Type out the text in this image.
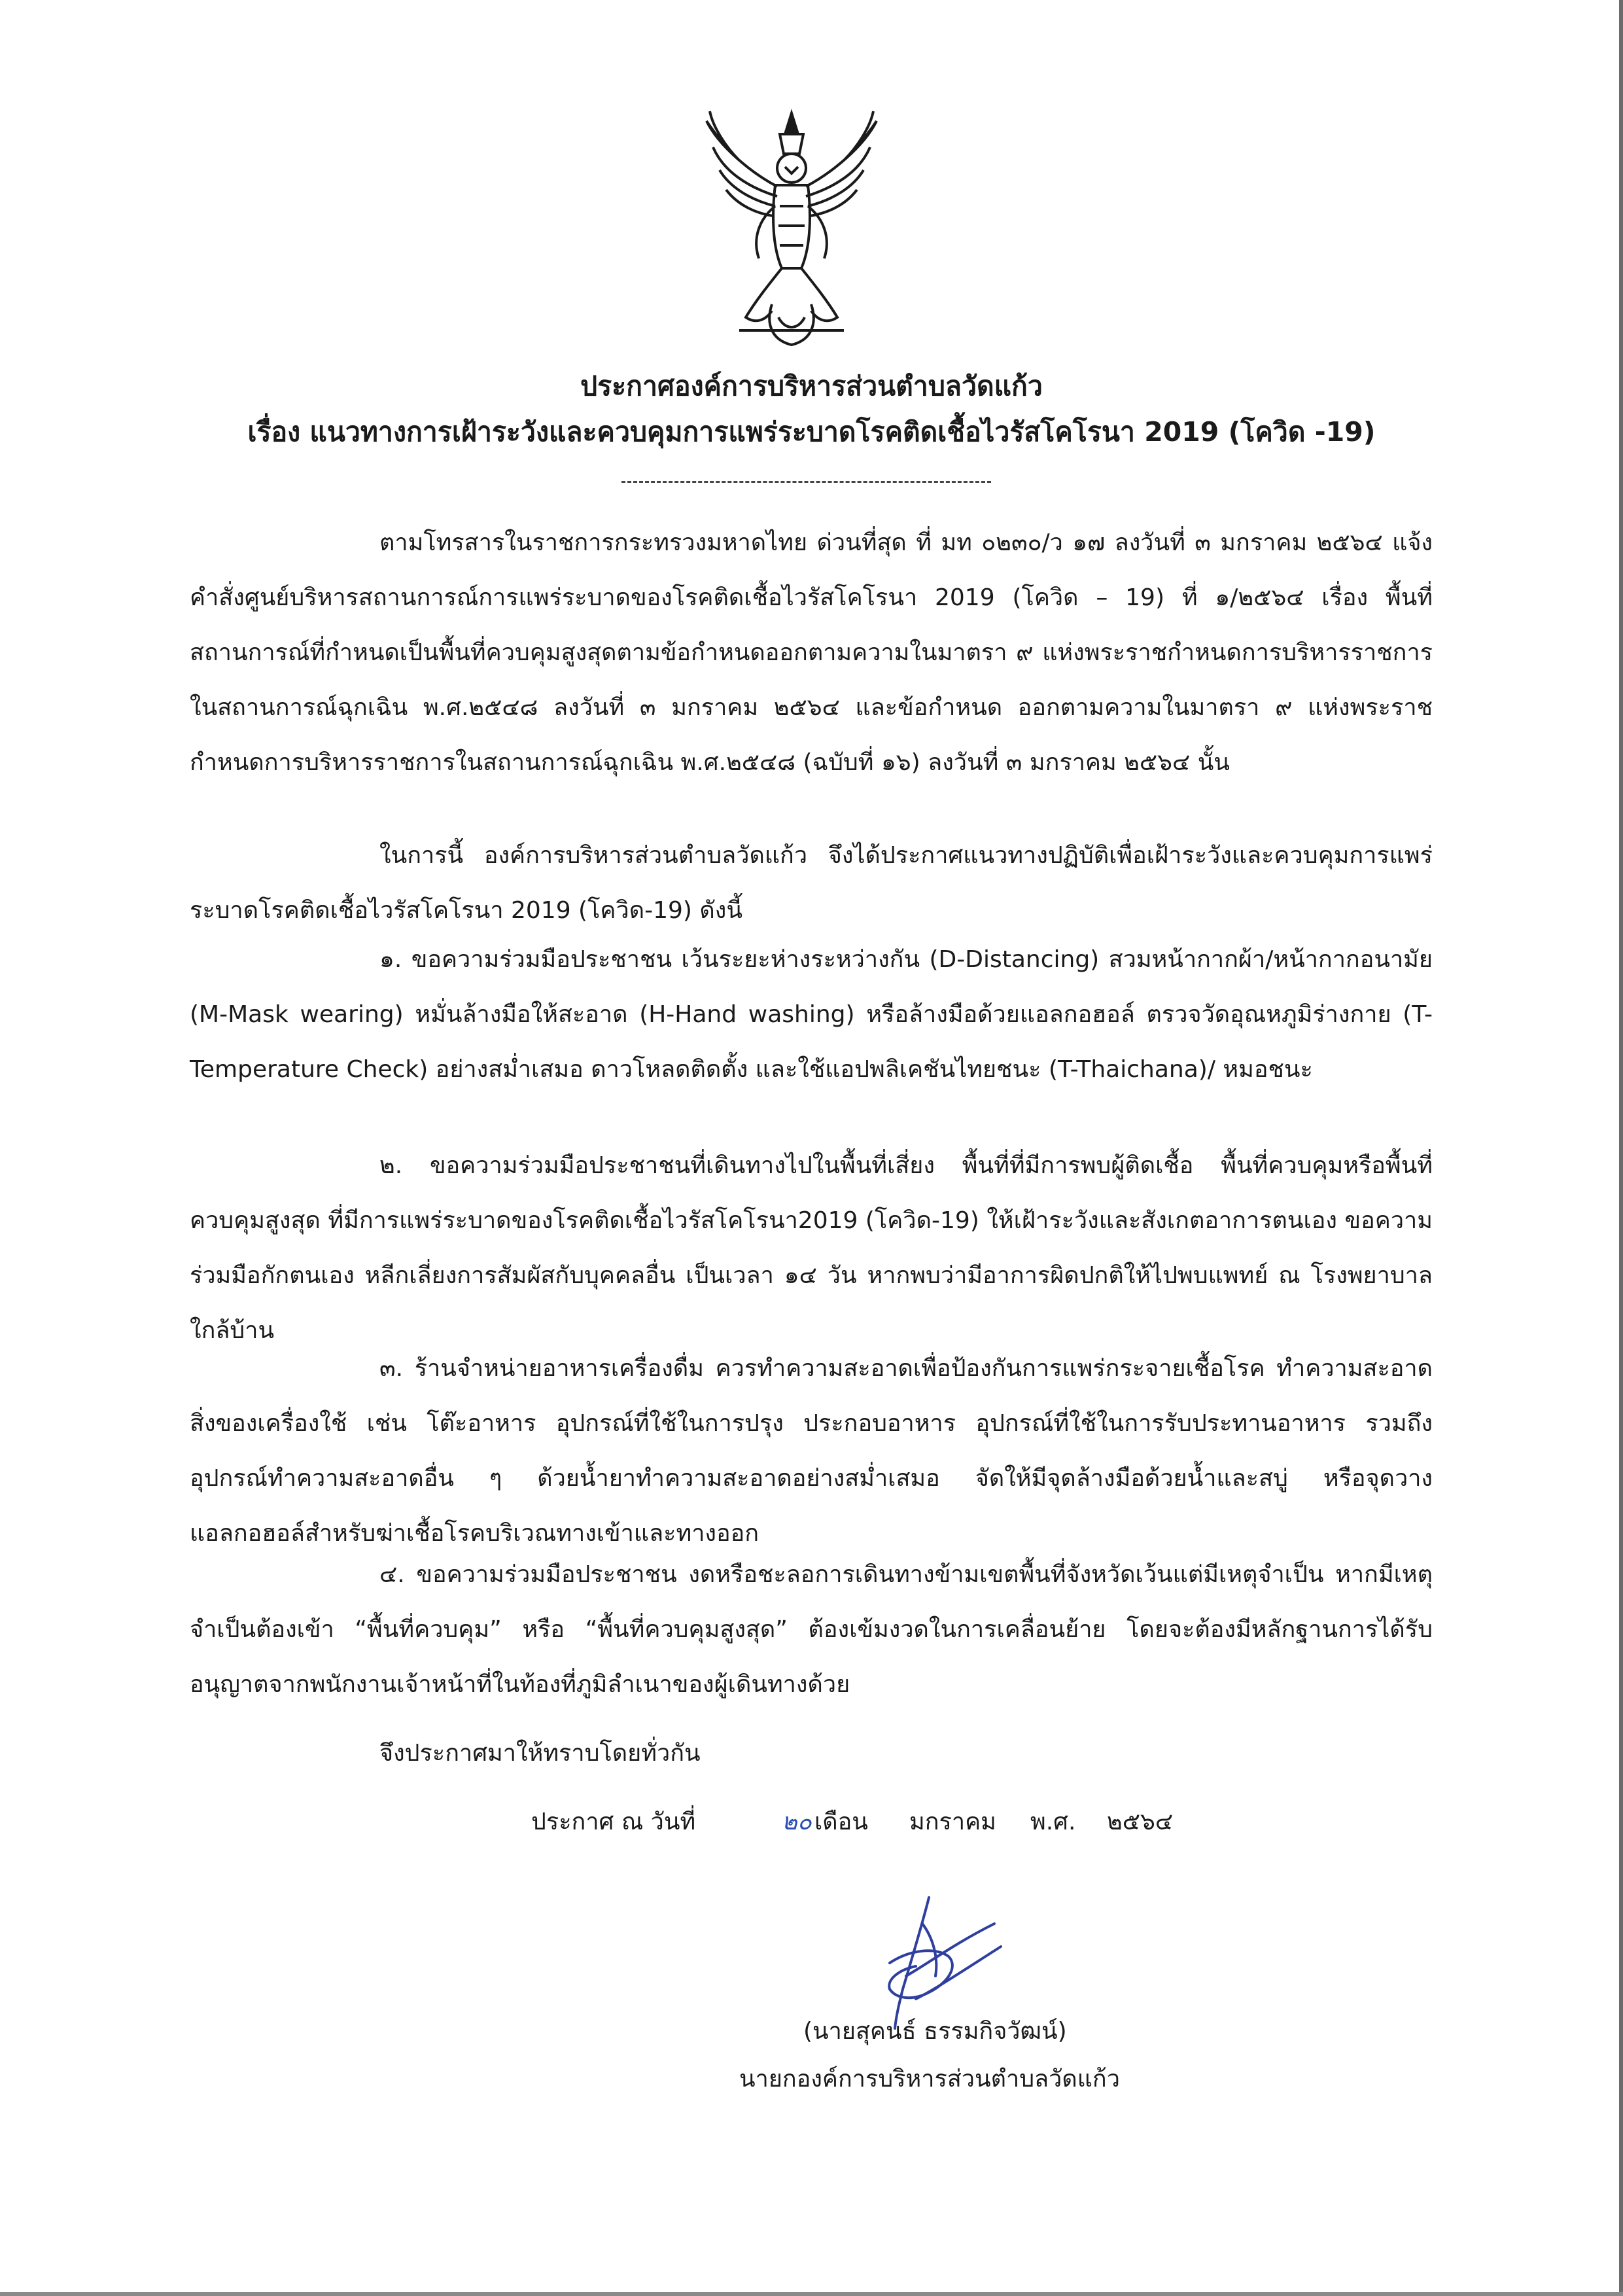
ประกาศองค์การบริหารส่วนตำบลวัดแก้ว
เรื่อง แนวทางการเฝ้าระวังและควบคุมการแพร่ระบาดโรคติดเชื้อไวรัสโคโรนา 2019 (โควิด -19)
ตามโทรสารในราชการกระทรวงมหาดไทย ด่วนที่สุด ที่ มท ๐๒๓๐/ว ๑๗ ลงวันที่ ๓ มกราคม ๒๕๖๔ แจ้งคำสั่งศูนย์บริหารสถานการณ์การแพร่ระบาดของโรคติดเชื้อไวรัสโคโรนา 2019 (โควิด – 19) ที่ ๑/๒๕๖๔ เรื่อง พื้นที่สถานการณ์ที่กำหนดเป็นพื้นที่ควบคุมสูงสุดตามข้อกำหนดออกตามความในมาตรา ๙ แห่งพระราชกำหนดการบริหารราชการในสถานการณ์ฉุกเฉิน พ.ศ.๒๕๔๘ ลงวันที่ ๓ มกราคม ๒๕๖๔ และข้อกำหนด ออกตามความในมาตรา ๙ แห่งพระราชกำหนดการบริหารราชการในสถานการณ์ฉุกเฉิน พ.ศ.๒๕๔๘ (ฉบับที่ ๑๖) ลงวันที่ ๓ มกราคม ๒๕๖๔ นั้น
ในการนี้ องค์การบริหารส่วนตำบลวัดแก้ว จึงได้ประกาศแนวทางปฏิบัติเพื่อเฝ้าระวังและควบคุมการแพร่ระบาดโรคติดเชื้อไวรัสโคโรนา 2019 (โควิด-19) ดังนี้
๑. ขอความร่วมมือประชาชน เว้นระยะห่างระหว่างกัน (D-Distancing) สวมหน้ากากผ้า/หน้ากากอนามัย (M-Mask wearing) หมั่นล้างมือให้สะอาด (H-Hand washing) หรือล้างมือด้วยแอลกอฮอล์ ตรวจวัดอุณหภูมิร่างกาย (T-Temperature Check) อย่างสม่ำเสมอ ดาวโหลดติดตั้ง และใช้แอปพลิเคชันไทยชนะ (T-Thaichana)/ หมอชนะ
๒. ขอความร่วมมือประชาชนที่เดินทางไปในพื้นที่เสี่ยง พื้นที่ที่มีการพบผู้ติดเชื้อ พื้นที่ควบคุมหรือพื้นที่ควบคุมสูงสุด ที่มีการแพร่ระบาดของโรคติดเชื้อไวรัสโคโรนา2019 (โควิด-19) ให้เฝ้าระวังและสังเกตอาการตนเอง ขอความร่วมมือกักตนเอง หลีกเลี่ยงการสัมผัสกับบุคคลอื่น เป็นเวลา ๑๔ วัน หากพบว่ามีอาการผิดปกติให้ไปพบแพทย์ ณ โรงพยาบาลใกล้บ้าน
๓. ร้านจำหน่ายอาหารเครื่องดื่ม ควรทำความสะอาดเพื่อป้องกันการแพร่กระจายเชื้อโรค ทำความสะอาดสิ่งของเครื่องใช้ เช่น โต๊ะอาหาร อุปกรณ์ที่ใช้ในการปรุง ประกอบอาหาร อุปกรณ์ที่ใช้ในการรับประทานอาหาร รวมถึงอุปกรณ์ทำความสะอาดอื่น ๆ ด้วยน้ำยาทำความสะอาดอย่างสม่ำเสมอ จัดให้มีจุดล้างมือด้วยน้ำและสบู่ หรือจุดวางแอลกอฮอล์สำหรับฆ่าเชื้อโรคบริเวณทางเข้าและทางออก
๔. ขอความร่วมมือประชาชน งดหรือชะลอการเดินทางข้ามเขตพื้นที่จังหวัดเว้นแต่มีเหตุจำเป็น หากมีเหตุจำเป็นต้องเข้า “พื้นที่ควบคุม” หรือ “พื้นที่ควบคุมสูงสุด” ต้องเข้มงวดในการเคลื่อนย้าย โดยจะต้องมีหลักฐานการได้รับอนุญาตจากพนักงานเจ้าหน้าที่ในท้องที่ภูมิลำเนาของผู้เดินทางด้วย
จึงประกาศมาให้ทราบโดยทั่วกัน
ประกาศ ณ วันที่	๒๐ เดือน มกราคม พ.ศ. ๒๕๖๔
(นายสุคนธ์ ธรรมกิจวัฒน์)
นายกองค์การบริหารส่วนตำบลวัดแก้ว
